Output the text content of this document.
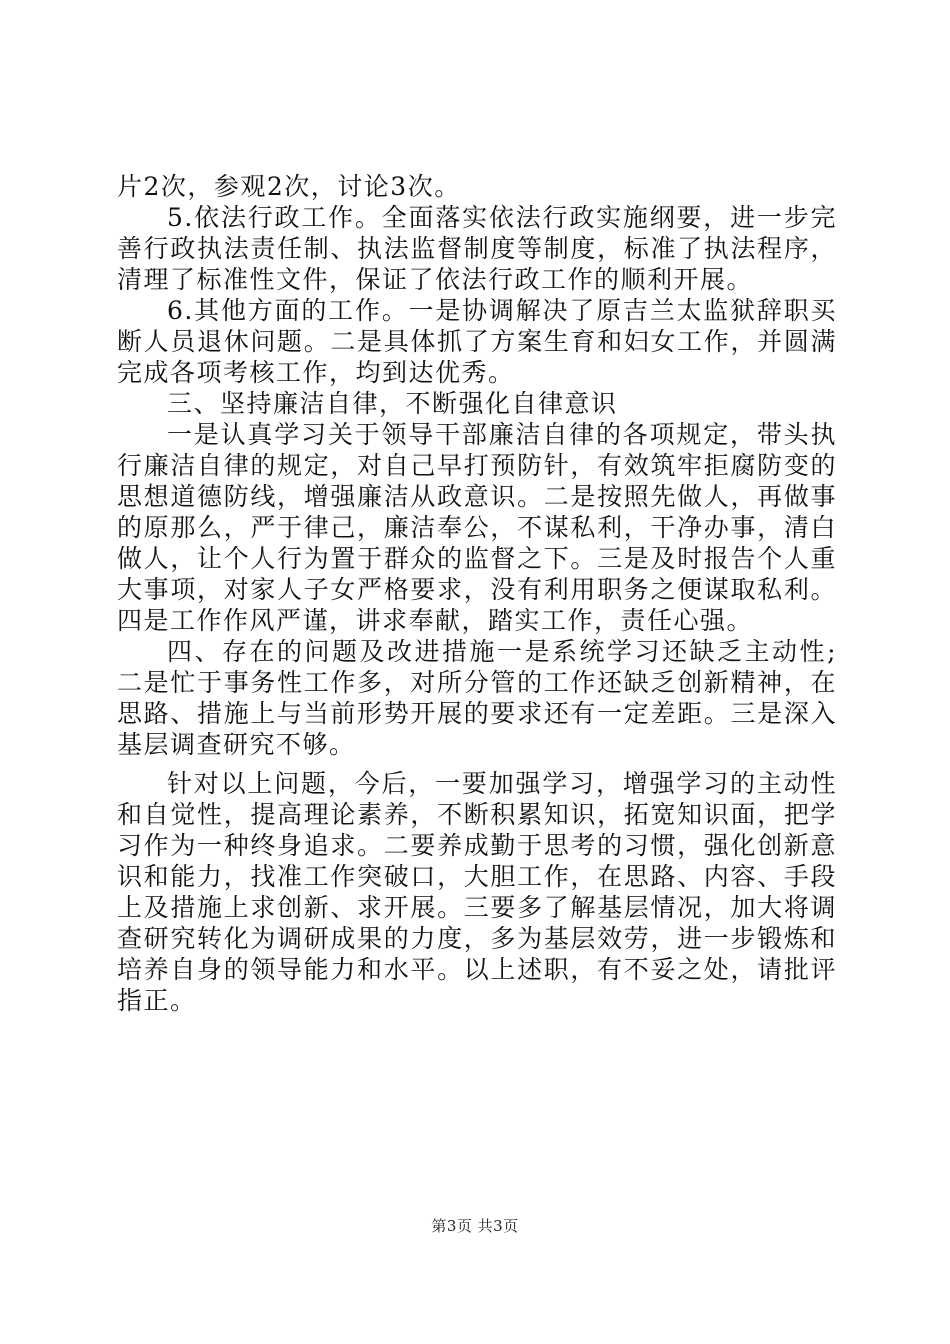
片2次，参观2次，讨论3次。

5.依法行政工作。全面落实依法行政实施纲要，进一步完善行政执法责任制、执法监督制度等制度，标准了执法程序，清理了标准性文件，保证了依法行政工作的顺利开展。

6.其他方面的工作。一是协调解决了原吉兰太监狱辞职买断人员退休问题。二是具体抓了方案生育和妇女工作，并圆满完成各项考核工作，均到达优秀。

三、坚持廉洁自律，不断强化自律意识

一是认真学习关于领导干部廉洁自律的各项规定，带头执行廉洁自律的规定，对自己早打预防针，有效筑牢拒腐防变的思想道德防线，增强廉洁从政意识。二是按照先做人，再做事的原那么，严于律己，廉洁奉公，不谋私利，干净办事，清白做人，让个人行为置于群众的监督之下。三是及时报告个人重大事项，对家人子女严格要求，没有利用职务之便谋取私利。四是工作作风严谨，讲求奉献，踏实工作，责任心强。

四、存在的问题及改进措施一是系统学习还缺乏主动性;二是忙于事务性工作多，对所分管的工作还缺乏创新精神，在思路、措施上与当前形势开展的要求还有一定差距。三是深入基层调查研究不够。

针对以上问题，今后，一要加强学习，增强学习的主动性和自觉性，提高理论素养，不断积累知识，拓宽知识面，把学习作为一种终身追求。二要养成勤于思考的习惯，强化创新意识和能力，找准工作突破口，大胆工作，在思路、内容、手段上及措施上求创新、求开展。三要多了解基层情况，加大将调查研究转化为调研成果的力度，多为基层效劳，进一步锻炼和培养自身的领导能力和水平。以上述职，有不妥之处，请批评指正。

第3页 共3页
